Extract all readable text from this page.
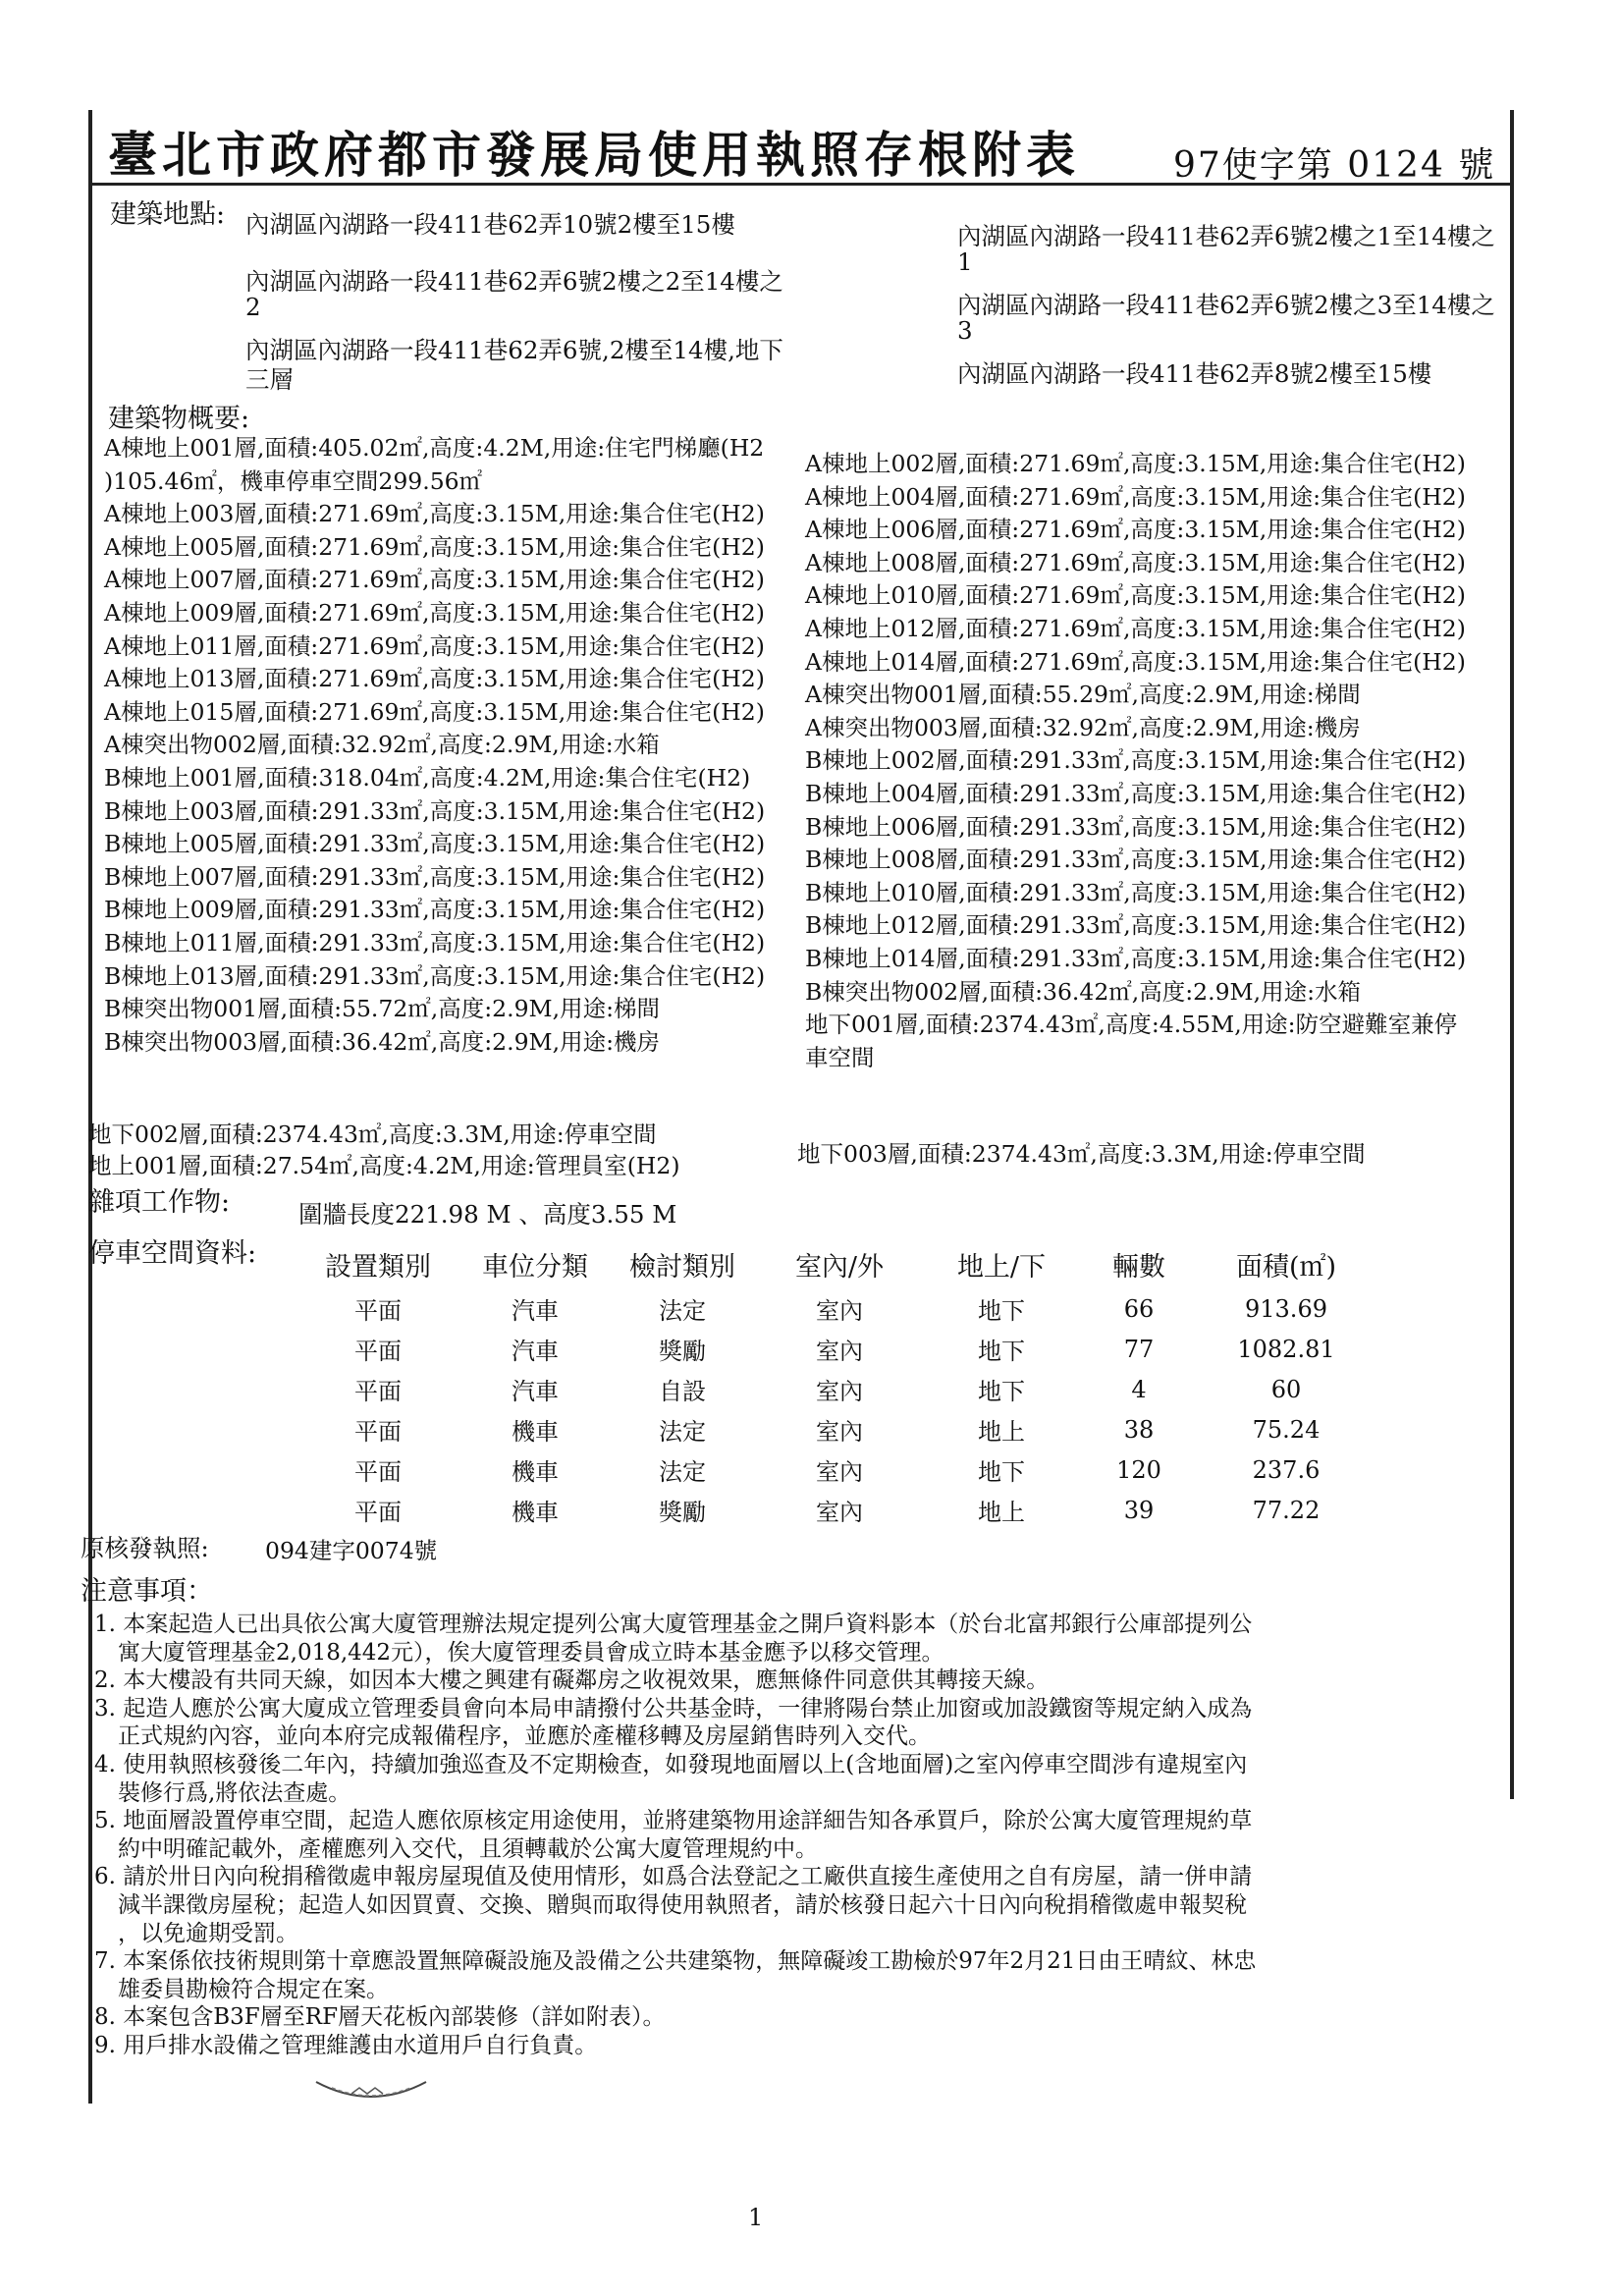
臺北市政府都市發展局使用執照存根附表	97使字第 0124 號
建築地點: 內湖區內湖路一段411巷62弄10號2樓至15樓
內湖區內湖路一段411巷62弄6號2樓之2至14樓之
2
內湖區內湖路一段411巷62弄6號,2樓至14樓,地下
三層
內湖區內湖路一段411巷62弄6號2樓之1至14樓之
1
內湖區內湖路一段411巷62弄6號2樓之3至14樓之
3
內湖區內湖路一段411巷62弄8號2樓至15樓
建築物概要:
A棟地上001層,面積:405.02㎡,高度:4.2M,用途:住宅門梯廳(H2
)105.46㎡，機車停車空間299.56㎡
A棟地上003層,面積:271.69㎡,高度:3.15M,用途:集合住宅(H2)
A棟地上005層,面積:271.69㎡,高度:3.15M,用途:集合住宅(H2)
A棟地上007層,面積:271.69㎡,高度:3.15M,用途:集合住宅(H2)
A棟地上009層,面積:271.69㎡,高度:3.15M,用途:集合住宅(H2)
A棟地上011層,面積:271.69㎡,高度:3.15M,用途:集合住宅(H2)
A棟地上013層,面積:271.69㎡,高度:3.15M,用途:集合住宅(H2)
A棟地上015層,面積:271.69㎡,高度:3.15M,用途:集合住宅(H2)
A棟突出物002層,面積:32.92㎡,高度:2.9M,用途:水箱
B棟地上001層,面積:318.04㎡,高度:4.2M,用途:集合住宅(H2)
B棟地上003層,面積:291.33㎡,高度:3.15M,用途:集合住宅(H2)
B棟地上005層,面積:291.33㎡,高度:3.15M,用途:集合住宅(H2)
B棟地上007層,面積:291.33㎡,高度:3.15M,用途:集合住宅(H2)
B棟地上009層,面積:291.33㎡,高度:3.15M,用途:集合住宅(H2)
B棟地上011層,面積:291.33㎡,高度:3.15M,用途:集合住宅(H2)
B棟地上013層,面積:291.33㎡,高度:3.15M,用途:集合住宅(H2)
B棟突出物001層,面積:55.72㎡,高度:2.9M,用途:梯間
B棟突出物003層,面積:36.42㎡,高度:2.9M,用途:機房
A棟地上002層,面積:271.69㎡,高度:3.15M,用途:集合住宅(H2)
A棟地上004層,面積:271.69㎡,高度:3.15M,用途:集合住宅(H2)
A棟地上006層,面積:271.69㎡,高度:3.15M,用途:集合住宅(H2)
A棟地上008層,面積:271.69㎡,高度:3.15M,用途:集合住宅(H2)
A棟地上010層,面積:271.69㎡,高度:3.15M,用途:集合住宅(H2)
A棟地上012層,面積:271.69㎡,高度:3.15M,用途:集合住宅(H2)
A棟地上014層,面積:271.69㎡,高度:3.15M,用途:集合住宅(H2)
A棟突出物001層,面積:55.29㎡,高度:2.9M,用途:梯間
A棟突出物003層,面積:32.92㎡,高度:2.9M,用途:機房
B棟地上002層,面積:291.33㎡,高度:3.15M,用途:集合住宅(H2)
B棟地上004層,面積:291.33㎡,高度:3.15M,用途:集合住宅(H2)
B棟地上006層,面積:291.33㎡,高度:3.15M,用途:集合住宅(H2)
B棟地上008層,面積:291.33㎡,高度:3.15M,用途:集合住宅(H2)
B棟地上010層,面積:291.33㎡,高度:3.15M,用途:集合住宅(H2)
B棟地上012層,面積:291.33㎡,高度:3.15M,用途:集合住宅(H2)
B棟地上014層,面積:291.33㎡,高度:3.15M,用途:集合住宅(H2)
B棟突出物002層,面積:36.42㎡,高度:2.9M,用途:水箱
地下001層,面積:2374.43㎡,高度:4.55M,用途:防空避難室兼停
車空間
地下002層,面積:2374.43㎡,高度:3.3M,用途:停車空間
地上001層,面積:27.54㎡,高度:4.2M,用途:管理員室(H2)	地下003層,面積:2374.43㎡,高度:3.3M,用途:停車空間
雜項工作物:	圍牆長度221.98 M 、高度3.55 M
停車空間資料:	設置類別	車位分類	檢討類別	室內/外	地上/下	輛數	面積(㎡)
平面	汽車	法定	室內	地下	66	913.69
平面	汽車	獎勵	室內	地下	77	1082.81
平面	汽車	自設	室內	地下	4	60
平面	機車	法定	室內	地上	38	75.24
平面	機車	法定	室內	地下	120	237.6
平面	機車	獎勵	室內	地上	39	77.22
原核發執照: 094建字0074號
注意事項：
1. 本案起造人已出具依公寓大廈管理辦法規定提列公寓大廈管理基金之開戶資料影本（於台北富邦銀行公庫部提列公
寓大廈管理基金2,018,442元），俟大廈管理委員會成立時本基金應予以移交管理。
2. 本大樓設有共同天線，如因本大樓之興建有礙鄰房之收視效果，應無條件同意供其轉接天線。
3. 起造人應於公寓大廈成立管理委員會向本局申請撥付公共基金時，一律將陽台禁止加窗或加設鐵窗等規定納入成為
正式規約內容，並向本府完成報備程序，並應於產權移轉及房屋銷售時列入交代。
4. 使用執照核發後二年內，持續加強巡查及不定期檢查，如發現地面層以上(含地面層)之室內停車空間涉有違規室內
裝修行爲,將依法查處。
5. 地面層設置停車空間，起造人應依原核定用途使用，並將建築物用途詳細告知各承買戶，除於公寓大廈管理規約草
約中明確記載外，產權應列入交代，且須轉載於公寓大廈管理規約中。
6. 請於卅日內向稅捐稽徵處申報房屋現值及使用情形，如爲合法登記之工廠供直接生產使用之自有房屋，請一併申請
減半課徵房屋稅；起造人如因買賣、交換、贈與而取得使用執照者，請於核發日起六十日內向稅捐稽徵處申報契稅
，以免逾期受罰。
7. 本案係依技術規則第十章應設置無障礙設施及設備之公共建築物，無障礙竣工勘檢於97年2月21日由王晴紋、林忠
雄委員勘檢符合規定在案。
8. 本案包含B3F層至RF層天花板內部裝修（詳如附表）。
9. 用戶排水設備之管理維護由水道用戶自行負責。
1
